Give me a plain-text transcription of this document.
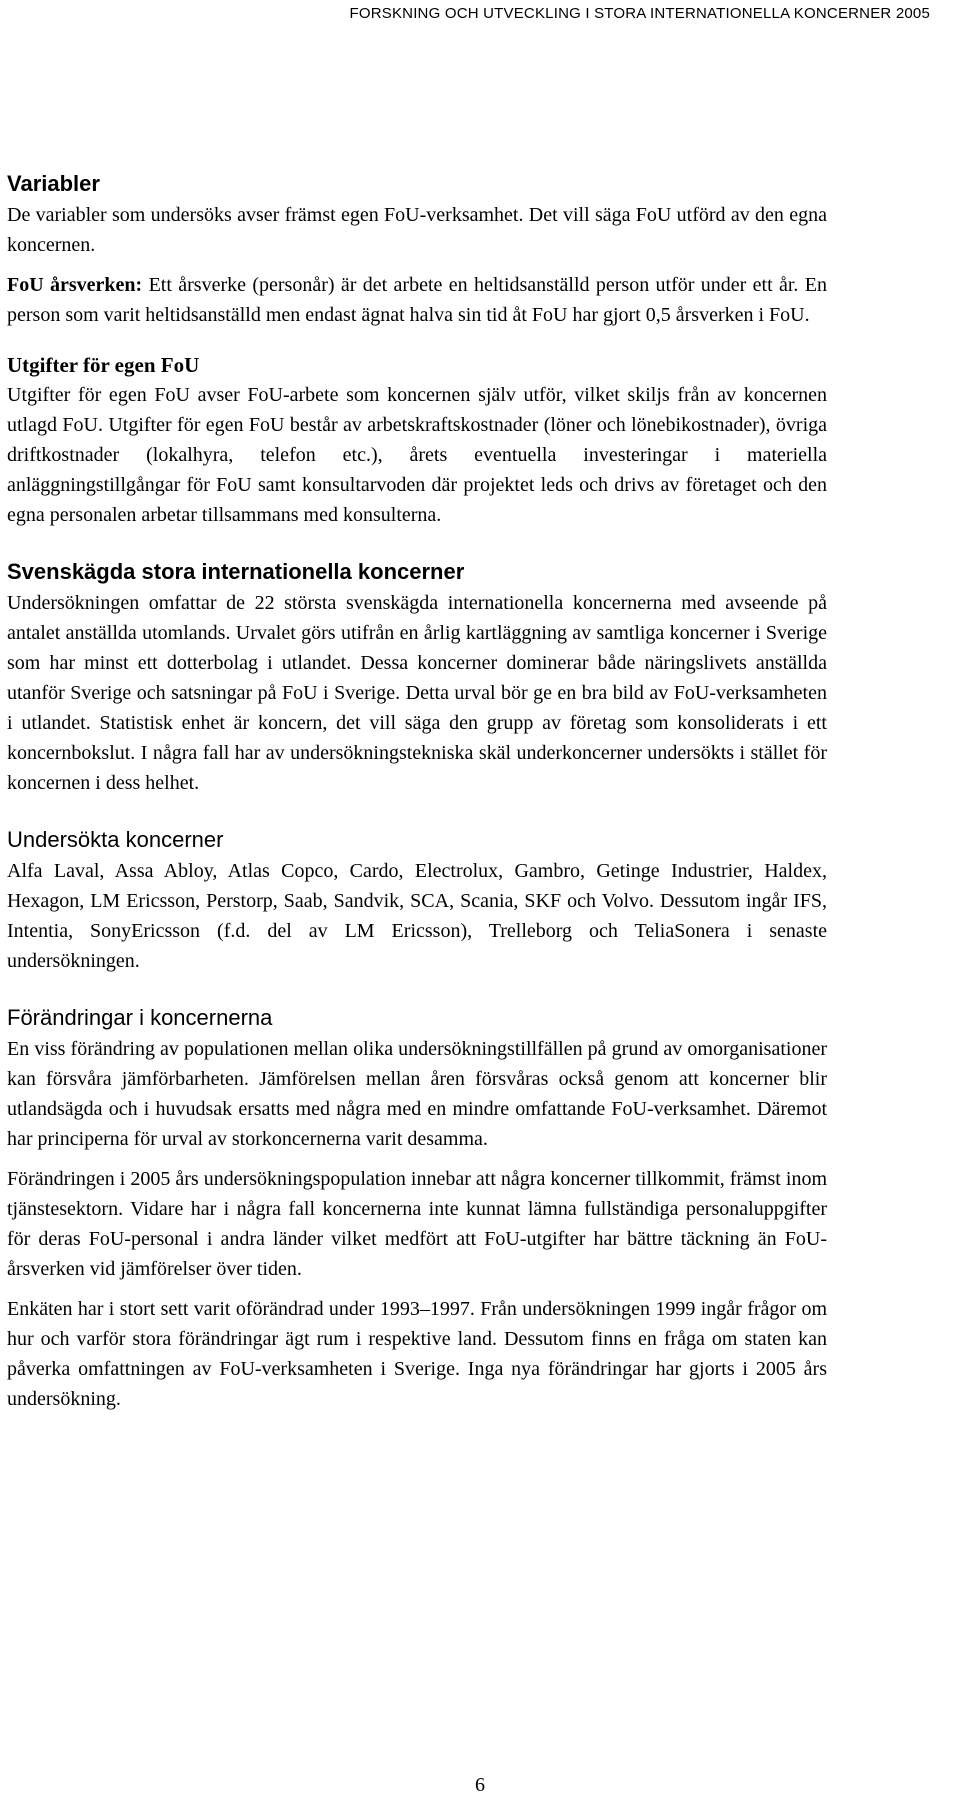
FORSKNING OCH UTVECKLING I STORA INTERNATIONELLA KONCERNER 2005
Variabler

De variabler som undersöks avser främst egen FoU-verksamhet. Det vill säga FoU utförd av den egna koncernen.

FoU årsverken: Ett årsverke (personår) är det arbete en heltidsanställd person utför under ett år. En person som varit heltidsanställd men endast ägnat halva sin tid åt FoU har gjort 0,5 årsverken i FoU.

Utgifter för egen FoU

Utgifter för egen FoU avser FoU-arbete som koncernen själv utför, vilket skiljs från av koncernen utlagd FoU. Utgifter för egen FoU består av arbetskraftskostnader (löner och lönebikostnader), övriga driftkostnader (lokalhyra, telefon etc.), årets eventuella investeringar i materiella anläggningstillgångar för FoU samt konsultarvoden där projektet leds och drivs av företaget och den egna personalen arbetar tillsammans med konsulterna.

Svenskägda stora internationella koncerner

Undersökningen omfattar de 22 största svenskägda internationella koncernerna med avseende på antalet anställda utomlands. Urvalet görs utifrån en årlig kartläggning av samtliga koncerner i Sverige som har minst ett dotterbolag i utlandet. Dessa koncerner dominerar både näringslivets anställda utanför Sverige och satsningar på FoU i Sverige. Detta urval bör ge en bra bild av FoU-verksamheten i utlandet. Statistisk enhet är koncern, det vill säga den grupp av företag som konsoliderats i ett koncernbokslut. I några fall har av undersökningstekniska skäl underkoncerner undersökts i stället för koncernen i dess helhet.

Undersökta koncerner

Alfa Laval, Assa Abloy, Atlas Copco, Cardo, Electrolux, Gambro, Getinge Industrier, Haldex, Hexagon, LM Ericsson, Perstorp, Saab, Sandvik, SCA, Scania, SKF och Volvo. Dessutom ingår IFS, Intentia, SonyEricsson (f.d. del av LM Ericsson), Trelleborg och TeliaSonera i senaste undersökningen.

Förändringar i koncernerna

En viss förändring av populationen mellan olika undersökningstillfällen på grund av omorganisationer kan försvåra jämförbarheten. Jämförelsen mellan åren försvåras också genom att koncerner blir utlandsägda och i huvudsak ersatts med några med en mindre omfattande FoU-verksamhet. Däremot har principerna för urval av storkoncernerna varit desamma.

Förändringen i 2005 års undersökningspopulation innebar att några koncerner tillkommit, främst inom tjänstesektorn. Vidare har i några fall koncernerna inte kunnat lämna fullständiga personaluppgifter för deras FoU-personal i andra länder vilket medfört att FoU-utgifter har bättre täckning än FoU-årsverken vid jämförelser över tiden.

Enkäten har i stort sett varit oförändrad under 1993–1997. Från undersökningen 1999 ingår frågor om hur och varför stora förändringar ägt rum i respektive land. Dessutom finns en fråga om staten kan påverka omfattningen av FoU-verksamheten i Sverige. Inga nya förändringar har gjorts i 2005 års undersökning.

6
